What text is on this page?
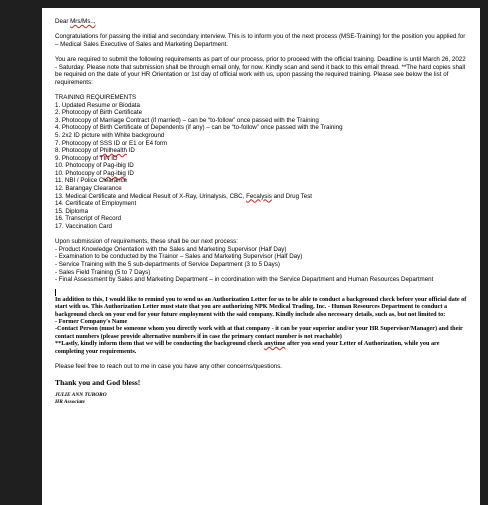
Dear Mrs/Ms..,

Congratulations for passing the initial and secondary interview. This is to inform you of the next process (MSE-Training) for the position you applied for – Medical Sales Executive of Sales and Marketing Department.

You are required to submit the following requirements as part of our process, prior to proceed with the official training. Deadline is until March 26, 2022 - Saturday. Please note that submission shall be through email only, for now. Kindly scan and send it back to this email thread. **The hard copies shall be required on the date of your HR Orientation or 1st day of official work with us, upon passing the required training. Please see below the list of requirements:

TRAINING REQUIREMENTS

1. Updated Resume or Biodata
2. Photocopy of Birth Certificate
3. Photocopy of Marriage Contract (if married) – can be “to-follow” once passed with the Training
4. Photocopy of Birth Certificate of Dependents (if any) – can be “to-follow” once passed with the Training
5. 2x2 ID picture with White background
7. Photocopy of SSS ID or E1 or E4 form
8. Photocopy of Philhealth ID
9. Photocopy of TIN ID
10. Photocopy of Pag-ibig ID
10. Photocopy of Pag-ibig ID
11. NBI / Police Clearance
12. Barangay Clearance
13. Medical Certificate and Medical Result of X-Ray, Urinalysis, CBC, Fecalysis and Drug Test
14. Certificate of Employment
15. Diploma
16. Transcript of Record
17. Vaccination Card

Upon submission of requirements, these shall be our next process:

- Product Knowledge Orientation with the Sales and Marketing Supervisor (Half Day)
- Examination to be conducted by the Trainor – Sales and Marketing Supervisor (Half Day)
- Service Training with the 5 sub-departments of Service Department (3 to 5 Days)
- Sales Field Training (5 to 7 Days)
- Final Assessment by Sales and Marketing Department – in coordination with the Service Department and Human Resources Department

In addition to this, I would like to remind you to send us an Authorization Letter for us to be able to conduct a background check before your official date of start with us. This Authorization Letter must state that you are authorizing NPK Medical Trading, Inc. - Human Resources Department to conduct a background check on your end for your future employment with the said company. Kindly include also necessary details, such as, but not limited to:

- Former Company's Name

-Contact Person (must be someone whom you directly work with at that company - it can be your superior and/or your HR Supervisor/Manager) and their contact numbers (please provide alternative numbers if in case the primary contact number is not reachable)

**Lastly, kindly inform them that we will be conducting the background check anytime after you send your Letter of Authorization, while you are completing your requirements.

Please feel free to reach out to me in case you have any other concerns/questions.

Thank you and God bless!

JULIE ANN TUBORO

HR Associate
